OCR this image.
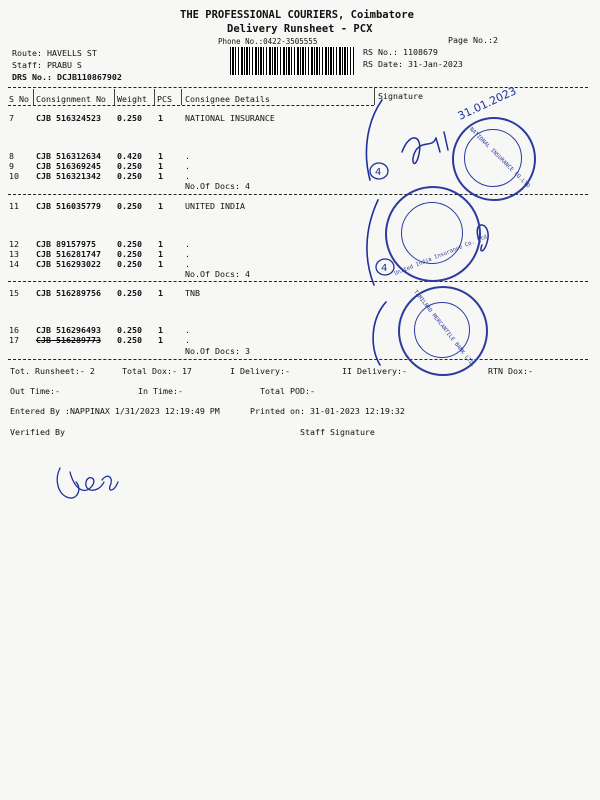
THE PROFESSIONAL COURIERS, Coimbatore
Delivery Runsheet - PCX
Phone No.:0422-3505555	Page No.:2
Route: HAVELLS ST
Staff: PRABU S
DRS No.: DCJB110867902
RS No.: 1108679
RS Date: 31-Jan-2023
S No Consignment No Weight PCS Consignee Details	Signature
7	CJB 516324523 0.250 1	NATIONAL INSURANCE
8	CJB 516312634 0.420 1	.
9	CJB 516369245 0.250 1	.
10 CJB 516321342 0.250 1	.
No.Of Docs: 4
11 CJB 516035779 0.250 1	UNITED INDIA
12 CJB 89157975	0.250 1	.
13 CJB 516281747 0.250 1	.
14 CJB 516293022 0.250 1	.
No.Of Docs: 4
15 CJB 516289756 0.250 1	TNB
16 CJB 516296493 0.250 1	.
17 CJB 516289773 0.250 1	.
No.Of Docs: 3
Tot. Runsheet:- 2	Total Dox:- 17	I Delivery:-	II Delivery:-	RTN Dox:-
Out Time:-	In Time:-	Total POD:-
Entered By :NAPPINAX 1/31/2023 12:19:49 PM	Printed on: 31-01-2023 12:19:32
Verified By	Staff Signature
4
4
31.01.2023
NATIONAL INSURANCE CO.LTD
United India Insurance Co. Ltd.
TAMILNAD MERCANTILE BANK LTD.
